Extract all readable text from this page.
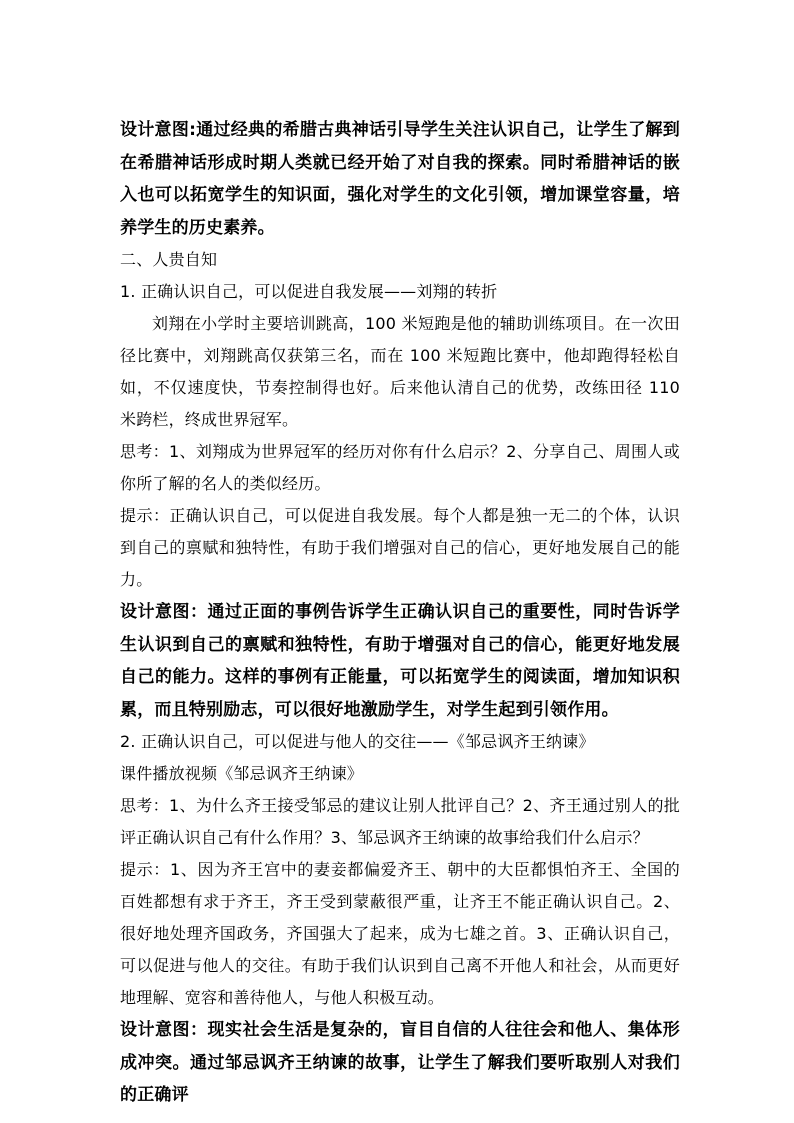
设计意图:通过经典的希腊古典神话引导学生关注认识自己，让学生了解到在希腊神话形成时期人类就已经开始了对自我的探索。同时希腊神话的嵌入也可以拓宽学生的知识面，强化对学生的文化引领，增加课堂容量，培养学生的历史素养。

二、人贵自知

1. 正确认识自己，可以促进自我发展——刘翔的转折

刘翔在小学时主要培训跳高，100 米短跑是他的辅助训练项目。在一次田径比赛中，刘翔跳高仅获第三名，而在 100 米短跑比赛中，他却跑得轻松自如，不仅速度快，节奏控制得也好。后来他认清自己的优势，改练田径 110 米跨栏，终成世界冠军。

思考：1、刘翔成为世界冠军的经历对你有什么启示？2、分享自己、周围人或你所了解的名人的类似经历。

提示：正确认识自己，可以促进自我发展。每个人都是独一无二的个体，认识到自己的禀赋和独特性，有助于我们增强对自己的信心，更好地发展自己的能力。

设计意图：通过正面的事例告诉学生正确认识自己的重要性，同时告诉学生认识到自己的禀赋和独特性，有助于增强对自己的信心，能更好地发展自己的能力。这样的事例有正能量，可以拓宽学生的阅读面，增加知识积累，而且特别励志，可以很好地激励学生，对学生起到引领作用。

2. 正确认识自己，可以促进与他人的交往——《邹忌讽齐王纳谏》

课件播放视频《邹忌讽齐王纳谏》

思考：1、为什么齐王接受邹忌的建议让别人批评自己？2、齐王通过别人的批评正确认识自己有什么作用？3、邹忌讽齐王纳谏的故事给我们什么启示？

提示：1、因为齐王宫中的妻妾都偏爱齐王、朝中的大臣都惧怕齐王、全国的百姓都想有求于齐王，齐王受到蒙蔽很严重，让齐王不能正确认识自己。2、很好地处理齐国政务，齐国强大了起来，成为七雄之首。3、正确认识自己，可以促进与他人的交往。有助于我们认识到自己离不开他人和社会，从而更好地理解、宽容和善待他人，与他人积极互动。

设计意图：现实社会生活是复杂的，盲目自信的人往往会和他人、集体形成冲突。通过邹忌讽齐王纳谏的故事，让学生了解我们要听取别人对我们的正确评
